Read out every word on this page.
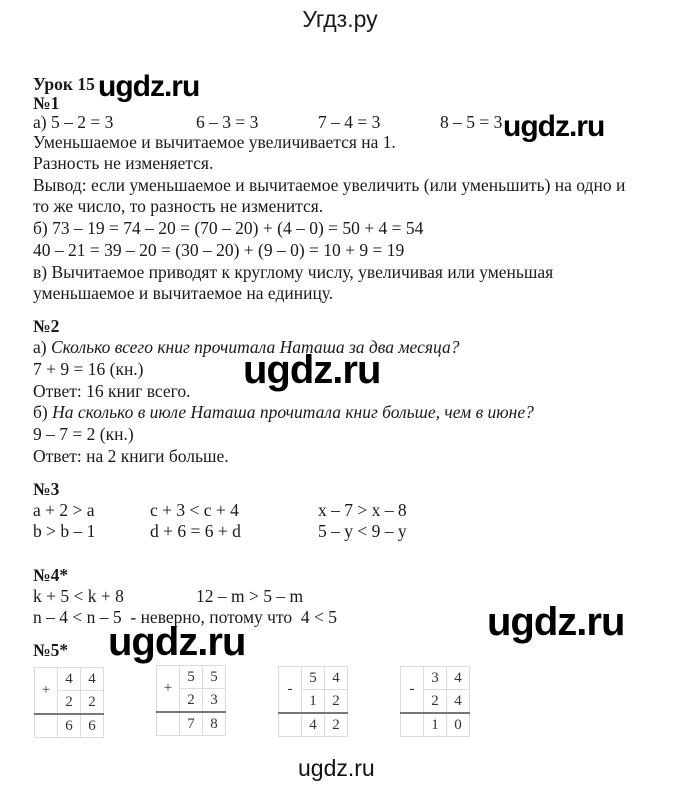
Угдз.ру
Урок 15
№1
а) 5 – 2 = 3	6 – 3 = 3	7 – 4 = 3	8 – 5 = 3
Уменьшаемое и вычитаемое увеличивается на 1.
Разность не изменяется.
Вывод: если уменьшаемое и вычитаемое увеличить (или уменьшить) на одно и
то же число, то разность не изменится.
б) 73 – 19 = 74 – 20 = (70 – 20) + (4 – 0) = 50 + 4 = 54
40 – 21 = 39 – 20 = (30 – 20) + (9 – 0) = 10 + 9 = 19
в) Вычитаемое приводят к круглому числу, увеличивая или уменьшая
уменьшаемое и вычитаемое на единицу.
№2
а) Сколько всего книг прочитала Наташа за два месяца?
7 + 9 = 16 (кн.)
Ответ: 16 книг всего.
б) На сколько в июле Наташа прочитала книг больше, чем в июне?
9 – 7 = 2 (кн.)
Ответ: на 2 книги больше.
№3
a + 2 > a	c + 3 < c + 4	x – 7 > x – 8
b > b – 1	d + 6 = 6 + d	5 – y < 9 – y
№4*
k + 5 < k + 8	12 – m > 5 – m
n – 4 < n – 5  - неверно, потому что  4 < 5
№5*
+	4	4
	2	2
	6	6
+	5	5
	2	3
	7	8
-	5	4
	1	2
	4	2
-	3	4
	2	4
	1	0
ugdz.ru
ugdz.ru
ugdz.ru
ugdz.ru
ugdz.ru
ugdz.ru
